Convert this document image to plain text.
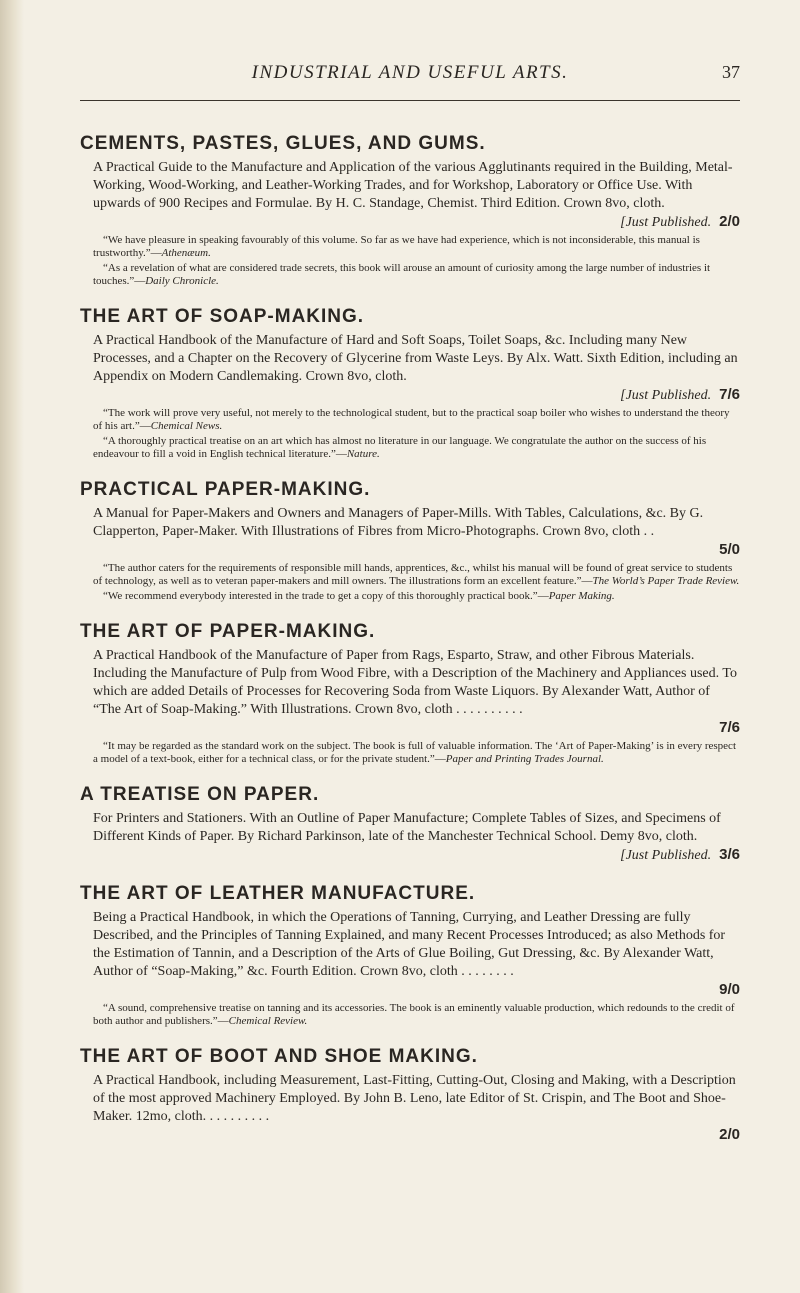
INDUSTRIAL AND USEFUL ARTS.	37
CEMENTS, PASTES, GLUES, AND GUMS.

A Practical Guide to the Manufacture and Application of the various Agglutinants required in the Building, Metal-Working, Wood-Working, and Leather-Working Trades, and for Workshop, Laboratory or Office Use. With upwards of 900 Recipes and Formulae. By H. C. Standage, Chemist. Third Edition. Crown 8vo, cloth.

[Just Published. 2/0

“We have pleasure in speaking favourably of this volume. So far as we have had experience, which is not inconsiderable, this manual is trustworthy.”—Athenæum.

“As a revelation of what are considered trade secrets, this book will arouse an amount of curiosity among the large number of industries it touches.”—Daily Chronicle.

THE ART OF SOAP-MAKING.

A Practical Handbook of the Manufacture of Hard and Soft Soaps, Toilet Soaps, &c. Including many New Processes, and a Chapter on the Recovery of Glycerine from Waste Leys. By Alx. Watt. Sixth Edition, including an Appendix on Modern Candlemaking. Crown 8vo, cloth.

[Just Published. 7/6

“The work will prove very useful, not merely to the technological student, but to the practical soap boiler who wishes to understand the theory of his art.”—Chemical News.

“A thoroughly practical treatise on an art which has almost no literature in our language. We congratulate the author on the success of his endeavour to fill a void in English technical literature.”—Nature.

PRACTICAL PAPER-MAKING.

A Manual for Paper-Makers and Owners and Managers of Paper-Mills. With Tables, Calculations, &c. By G. Clapperton, Paper-Maker. With Illustrations of Fibres from Micro-Photographs. Crown 8vo, cloth . .

5/0

“The author caters for the requirements of responsible mill hands, apprentices, &c., whilst his manual will be found of great service to students of technology, as well as to veteran paper-makers and mill owners. The illustrations form an excellent feature.”—The World’s Paper Trade Review.

“We recommend everybody interested in the trade to get a copy of this thoroughly practical book.”—Paper Making.

THE ART OF PAPER-MAKING.

A Practical Handbook of the Manufacture of Paper from Rags, Esparto, Straw, and other Fibrous Materials. Including the Manufacture of Pulp from Wood Fibre, with a Description of the Machinery and Appliances used. To which are added Details of Processes for Recovering Soda from Waste Liquors. By Alexander Watt, Author of “The Art of Soap-Making.” With Illustrations. Crown 8vo, cloth . . . . . . . . . .

7/6

“It may be regarded as the standard work on the subject. The book is full of valuable information. The ‘Art of Paper-Making’ is in every respect a model of a text-book, either for a technical class, or for the private student.”—Paper and Printing Trades Journal.

A TREATISE ON PAPER.

For Printers and Stationers. With an Outline of Paper Manufacture; Complete Tables of Sizes, and Specimens of Different Kinds of Paper. By Richard Parkinson, late of the Manchester Technical School. Demy 8vo, cloth.

[Just Published. 3/6

THE ART OF LEATHER MANUFACTURE.

Being a Practical Handbook, in which the Operations of Tanning, Currying, and Leather Dressing are fully Described, and the Principles of Tanning Explained, and many Recent Processes Introduced; as also Methods for the Estimation of Tannin, and a Description of the Arts of Glue Boiling, Gut Dressing, &c. By Alexander Watt, Author of “Soap-Making,” &c. Fourth Edition. Crown 8vo, cloth . . . . . . . .

9/0

“A sound, comprehensive treatise on tanning and its accessories. The book is an eminently valuable production, which redounds to the credit of both author and publishers.”—Chemical Review.

THE ART OF BOOT AND SHOE MAKING.

A Practical Handbook, including Measurement, Last-Fitting, Cutting-Out, Closing and Making, with a Description of the most approved Machinery Employed. By John B. Leno, late Editor of St. Crispin, and The Boot and Shoe-Maker. 12mo, cloth. . . . . . . . . .

2/0
